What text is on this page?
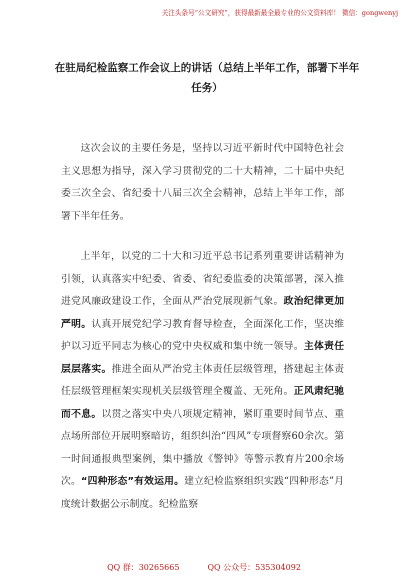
关注头条号“公文研究”，获得最新最全最专业的公文资料库！ 微信：gongwenyj
在驻局纪检监察工作会议上的讲话（总结上半年工作，部署下半年任务）

这次会议的主要任务是，坚持以习近平新时代中国特色社会主义思想为指导，深入学习贯彻党的二十大精神，二十届中央纪委三次全会、省纪委十八届三次全会精神，总结上半年工作，部署下半年任务。

上半年，以党的二十大和习近平总书记系列重要讲话精神为引领，认真落实中纪委、省委、省纪委监委的决策部署，深入推进党风廉政建设工作，全面从严治党展现新气象。政治纪律更加严明。认真开展党纪学习教育督导检查，全面深化工作，坚决维护以习近平同志为核心的党中央权威和集中统一领导。主体责任层层落实。推进全面从严治党主体责任层级管理，搭建起主体责任层级管理框架实现机关层级管理全覆盖、无死角。正风肃纪驰而不息。以贯之落实中央八项规定精神，紧盯重要时间节点、重点场所部位开展明察暗访，组织纠治“四风”专项督察60余次。第一时间通报典型案例，集中播放《警钟》等警示教育片200余场次。“四种形态”有效运用。建立纪检监察组织实践“四种形态”月度统计数据公示制度。纪检监察

QQ 群：30265665	QQ 公众号：535304092
